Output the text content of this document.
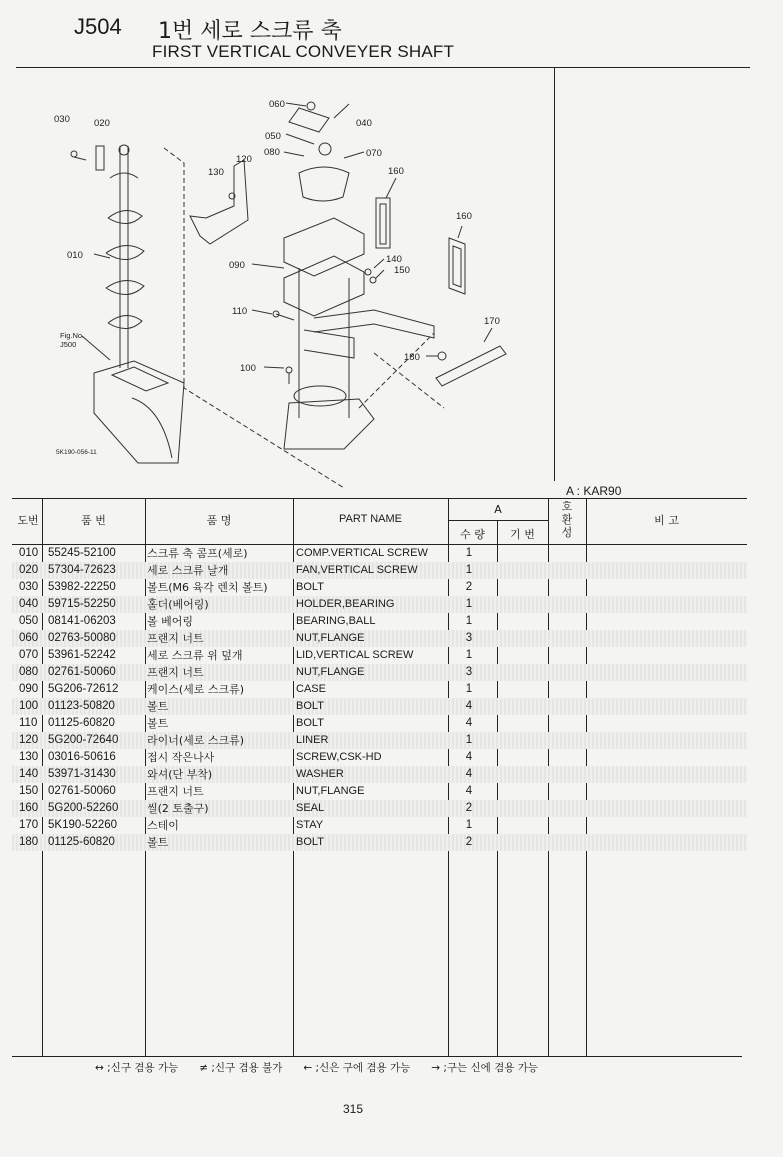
J504 1번 세로 스크류 축
FIRST VERTICAL CONVEYER SHAFT
060
040
050
080	070
030	020
120
130	160
160
010
090
140
150
110
170
180
100
Fig.No.
J500
5K190-056-11
A : KAR90
도번	품 번	품 명	PART NAME
A
수 량	기 번
호
환
성
비 고
010 55245-52100	스크류 축 콤프(세로)	COMP.VERTICAL SCREW	1
020 57304-72623	세로 스크류 날개	FAN,VERTICAL SCREW	1
030 53982-22250	볼트(M6 육각 렌치 볼트)	BOLT	2
040 59715-52250	홀더(베어링)	HOLDER,BEARING	1
050 08141-06203	볼 베어링	BEARING,BALL	1
060 02763-50080	프랜지 너트	NUT,FLANGE	3
070 53961-52242	세로 스크류 위 덮개	LID,VERTICAL SCREW	1
080 02761-50060	프랜지 너트	NUT,FLANGE	3
090 5G206-72612	케이스(세로 스크류)	CASE	1
100 01123-50820	볼트	BOLT	4
110 01125-60820	볼트	BOLT	4
120 5G200-72640	라이너(세로 스크류)	LINER	1
130 03016-50616	접시 작은나사	SCREW,CSK-HD	4
140 53971-31430	와셔(단 부착)	WASHER	4
150 02761-50060	프랜지 너트	NUT,FLANGE	4
160 5G200-52260	씰(2 토출구)	SEAL	2
170 5K190-52260	스테이	STAY	1
180 01125-60820	볼트	BOLT	2
↔ ;신구 겸용 가능　　≠ ;신구 겸용 불가　　← ;신은 구에 겸용 가능　　→ ;구는 신에 겸용 가능
315
